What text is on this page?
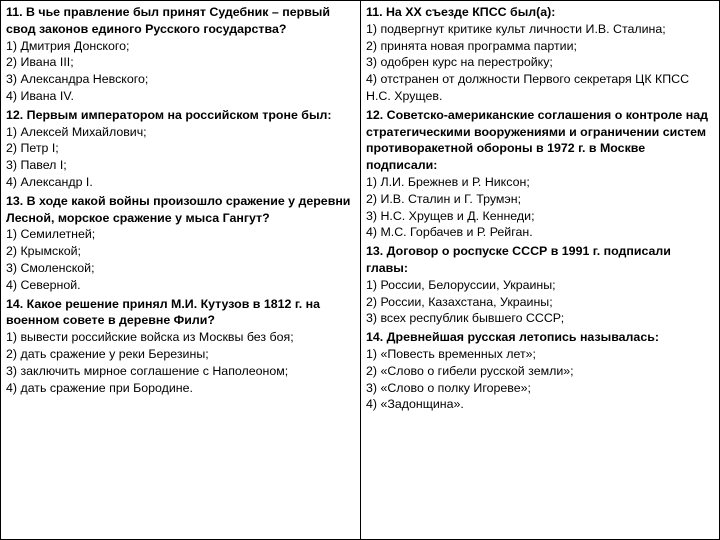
11. В чье правление был принят Судебник – первый свод законов единого Русского государства?

1) Дмитрия Донского;

2) Ивана III;

3) Александра Невского;

4) Ивана IV.

12. Первым императором на российском троне был:

1) Алексей Михайлович;

2) Петр I;

3) Павел I;

4) Александр I.

13. В ходе какой войны произошло сражение у деревни Лесной, морское сражение у мыса Гангут?

1) Семилетней;

2) Крымской;

3) Смоленской;

4) Северной.

14. Какое решение принял М.И. Кутузов в 1812 г. на военном совете в деревне Фили?

1) вывести российские войска из Москвы без боя;

2) дать сражение у реки Березины;

3) заключить мирное соглашение с Наполеоном;

4) дать сражение при Бородине.

11. На XX съезде КПСС был(а):

1) подвергнут критике культ личности И.В. Сталина;

2) принята новая программа партии;

3) одобрен курс на перестройку;

4) отстранен от должности Первого секретаря ЦК КПСС Н.С. Хрущев.

12. Советско-американские соглашения о контроле над стратегическими вооружениями и ограничении систем противоракетной обороны в 1972 г. в Москве подписали:

1) Л.И. Брежнев и Р. Никсон;

2) И.В. Сталин и Г. Трумэн;

3) Н.С. Хрущев и Д. Кеннеди;

4) М.С. Горбачев и Р. Рейган.

13. Договор о роспуске СССР в 1991 г. подписали главы:

1) России, Белоруссии, Украины;

2) России, Казахстана, Украины;

3) всех республик бывшего СССР;

14. Древнейшая русская летопись называлась:

1) «Повесть временных лет»;

2) «Слово о гибели русской земли»;

3) «Слово о полку Игореве»;

4) «Задонщина».
